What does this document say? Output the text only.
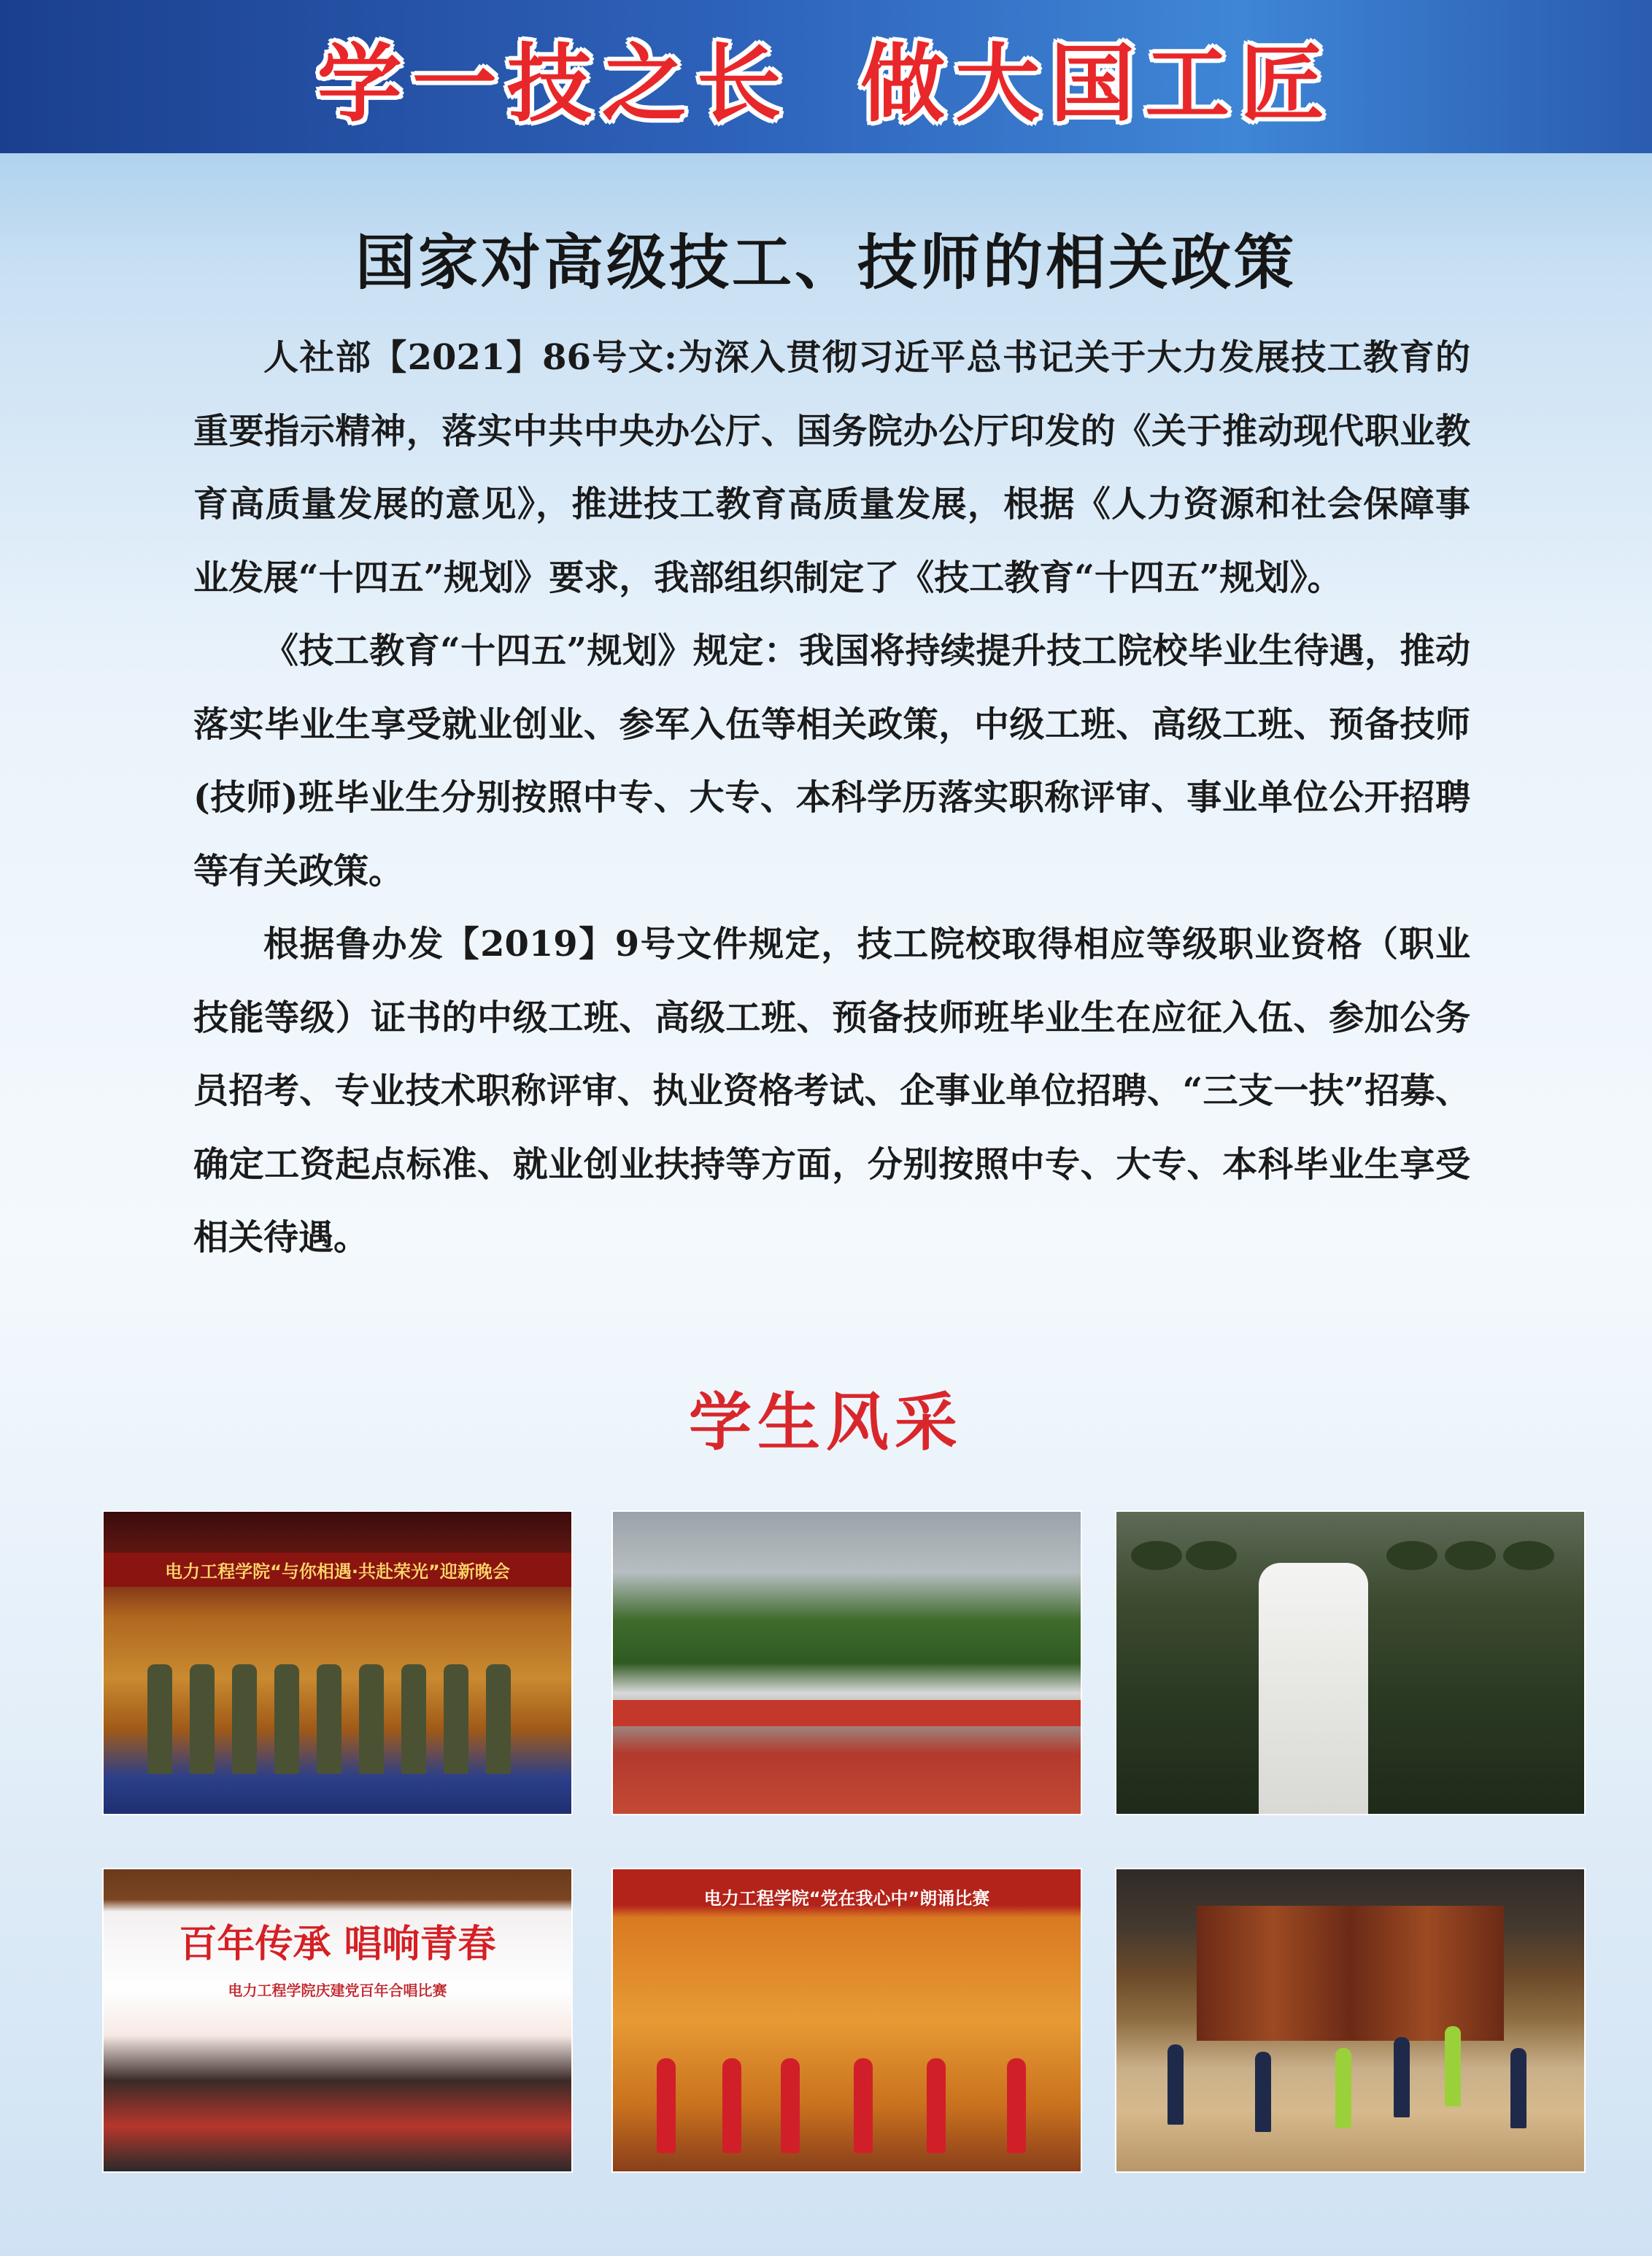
学一技之长 做大国工匠
国家对高级技工、技师的相关政策

人社部【2021】86号文:为深入贯彻习近平总书记关于大力发展技工教育的重要指示精神，落实中共中央办公厅、国务院办公厅印发的《关于推动现代职业教育高质量发展的意见》，推进技工教育高质量发展，根据《人力资源和社会保障事业发展“十四五”规划》要求，我部组织制定了《技工教育“十四五”规划》。

《技工教育“十四五”规划》规定：我国将持续提升技工院校毕业生待遇，推动落实毕业生享受就业创业、参军入伍等相关政策，中级工班、高级工班、预备技师(技师)班毕业生分别按照中专、大专、本科学历落实职称评审、事业单位公开招聘等有关政策。

根据鲁办发【2019】9号文件规定，技工院校取得相应等级职业资格（职业技能等级）证书的中级工班、高级工班、预备技师班毕业生在应征入伍、参加公务员招考、专业技术职称评审、执业资格考试、企事业单位招聘、“三支一扶”招募、确定工资起点标准、就业创业扶持等方面，分别按照中专、大专、本科毕业生享受相关待遇。

学生风采
电力工程学院“与你相遇·共赴荣光”迎新晚会
百年传承 唱响青春
电力工程学院庆建党百年合唱比赛
电力工程学院“党在我心中”朗诵比赛
